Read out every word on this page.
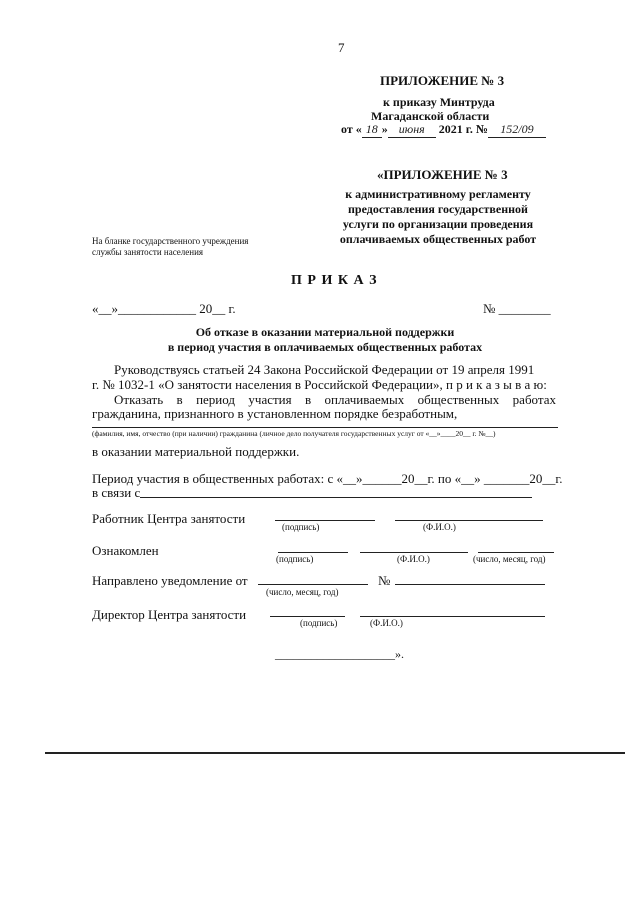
7
ПРИЛОЖЕНИЕ № 3
к приказу Минтруда
Магаданской области
от « 18 » июня 2021 г. № 152/09
«ПРИЛОЖЕНИЕ № 3
к административному регламенту
предоставления государственной
услуги по организации проведения
оплачиваемых общественных работ
На бланке государственного учреждения
службы занятости населения
П Р И К А З
«__»____________ 20__ г.	№ ________
Об отказе в оказании материальной поддержки
в период участия в оплачиваемых общественных работах
Руководствуясь статьей 24 Закона Российской Федерации от 19 апреля 1991
г. № 1032-1 «О занятости населения в Российской Федерации», п р и к а з ы в а ю:
Отказать в период участия в оплачиваемых общественных работах
гражданина, признанного в установленном порядке безработным,
(фамилия, имя, отчество (при наличии) гражданина (личное дело получателя государственных услуг от «__»____20__ г. №__)
в оказании материальной поддержки.
Период участия в общественных работах: с «__»______20__г. по «__» _______20__г.
в связи с
Работник Центра занятости
(подпись)	(Ф.И.О.)
Ознакомлен
(подпись)	(Ф.И.О.)	(число, месяц, год)
Направлено уведомление от	№
(число, месяц, год)
Директор Центра занятости
(подпись)	(Ф.И.О.)
____________________».
